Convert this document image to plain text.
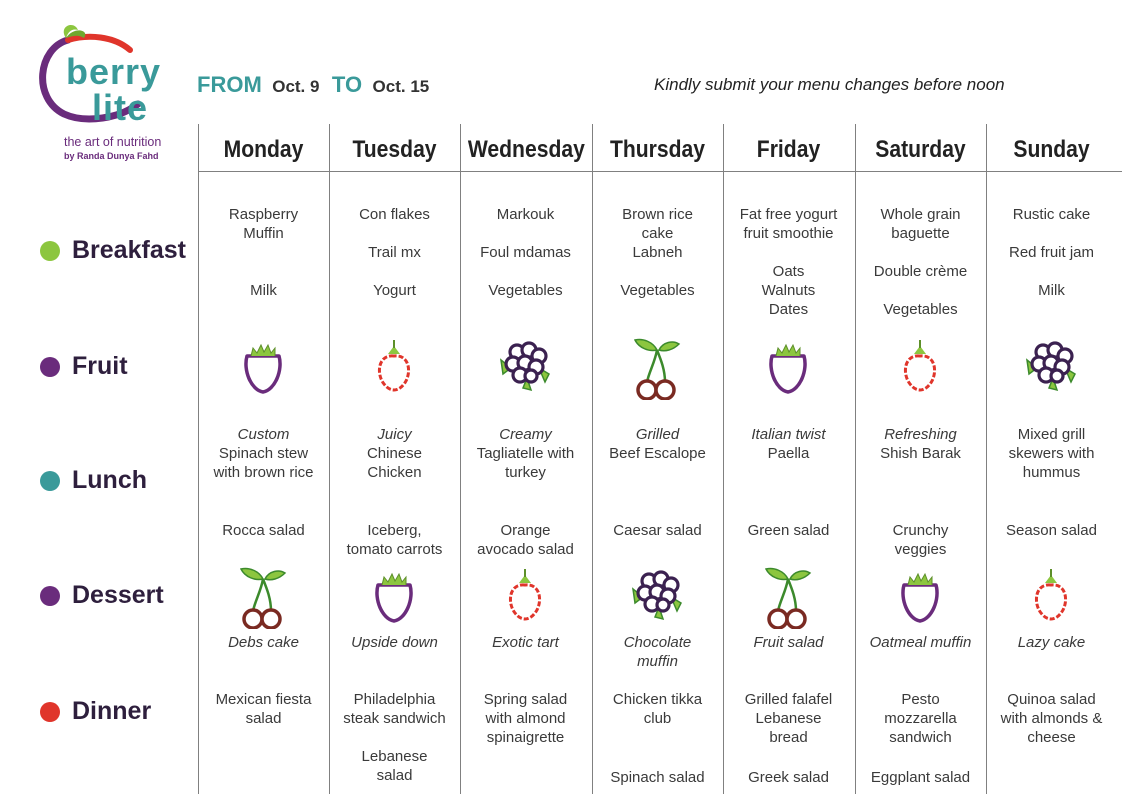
berry
lite
the art of nutrition
by Randa Dunya Fahd
FROM Oct. 9 TO Oct. 15	Kindly submit your menu changes before noon
Breakfast
Fruit
Lunch
Dessert
Dinner
Monday
Raspberry
Muffin
Milk
Custom
Spinach stew
with brown rice
Rocca salad
Debs cake
Mexican fiesta
salad
Tuesday
Con flakes
Trail mx
Yogurt
Juicy
Chinese
Chicken
Iceberg,
tomato carrots
Upside down
Philadelphia
steak sandwich
Lebanese
salad
Wednesday
Markouk
Foul mdamas
Vegetables
Creamy
Tagliatelle with
turkey
Orange
avocado salad
Exotic tart
Spring salad
with almond
spinaigrette
Thursday
Brown rice
cake
Labneh
Vegetables
Grilled
Beef Escalope
Caesar salad
Chocolate
muffin
Chicken tikka
club
Spinach salad
Friday
Fat free yogurt
fruit smoothie
Oats
Walnuts
Dates
Italian twist
Paella
Green salad
Fruit salad
Grilled falafel
Lebanese
bread
Greek salad
Saturday
Whole grain
baguette
Double crème
Vegetables
Refreshing
Shish Barak
Crunchy
veggies
Oatmeal muffin
Pesto
mozzarella
sandwich
Eggplant salad
Sunday
Rustic cake
Red fruit jam
Milk
Mixed grill
skewers with
hummus
Season salad
Lazy cake
Quinoa salad
with almonds &
cheese
